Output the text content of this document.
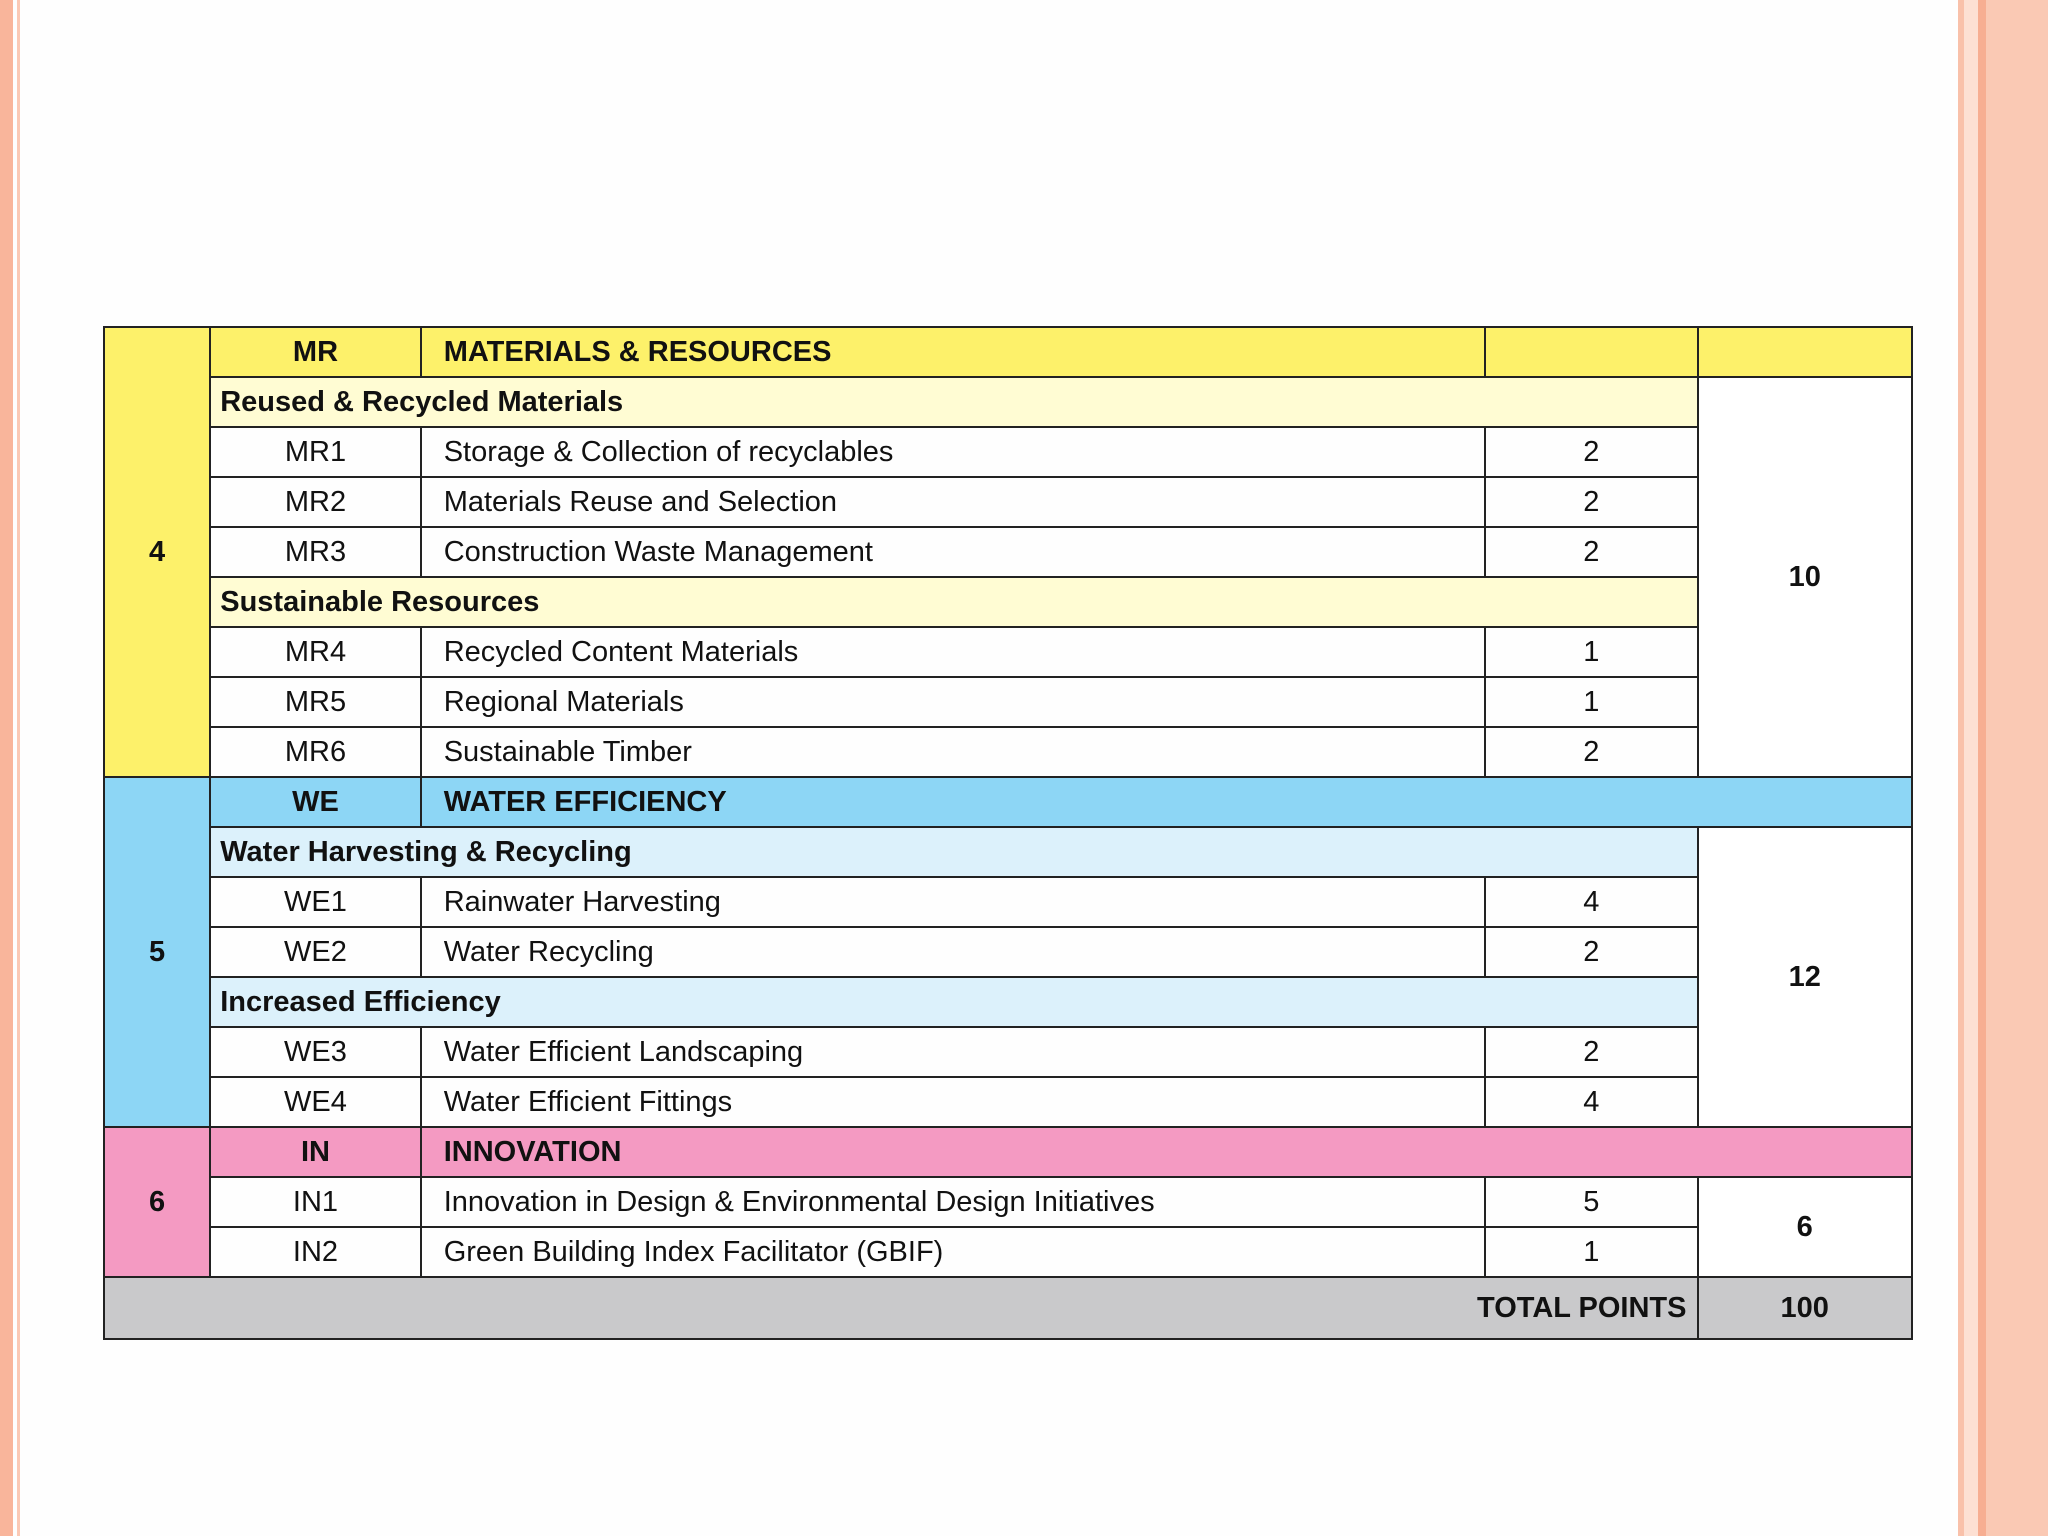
4	MR	MATERIALS & RESOURCES		
	Reused & Recycled Materials			10
	MR1	Storage & Collection of recyclables	2	
	MR2	Materials Reuse and Selection	2	
	MR3	Construction Waste Management	2	
	Sustainable Resources			
	MR4	Recycled Content Materials	1	
	MR5	Regional Materials	1	
	MR6	Sustainable Timber	2	
5	WE	WATER EFFICIENCY		
	Water Harvesting & Recycling			12
	WE1	Rainwater Harvesting	4	
	WE2	Water Recycling	2	
	Increased Efficiency			
	WE3	Water Efficient Landscaping	2	
	WE4	Water Efficient Fittings	4	
6	IN	INNOVATION		
	IN1	Innovation in Design & Environmental Design Initiatives	5	6
	IN2	Green Building Index Facilitator (GBIF)	1	
TOTAL POINTS				100
